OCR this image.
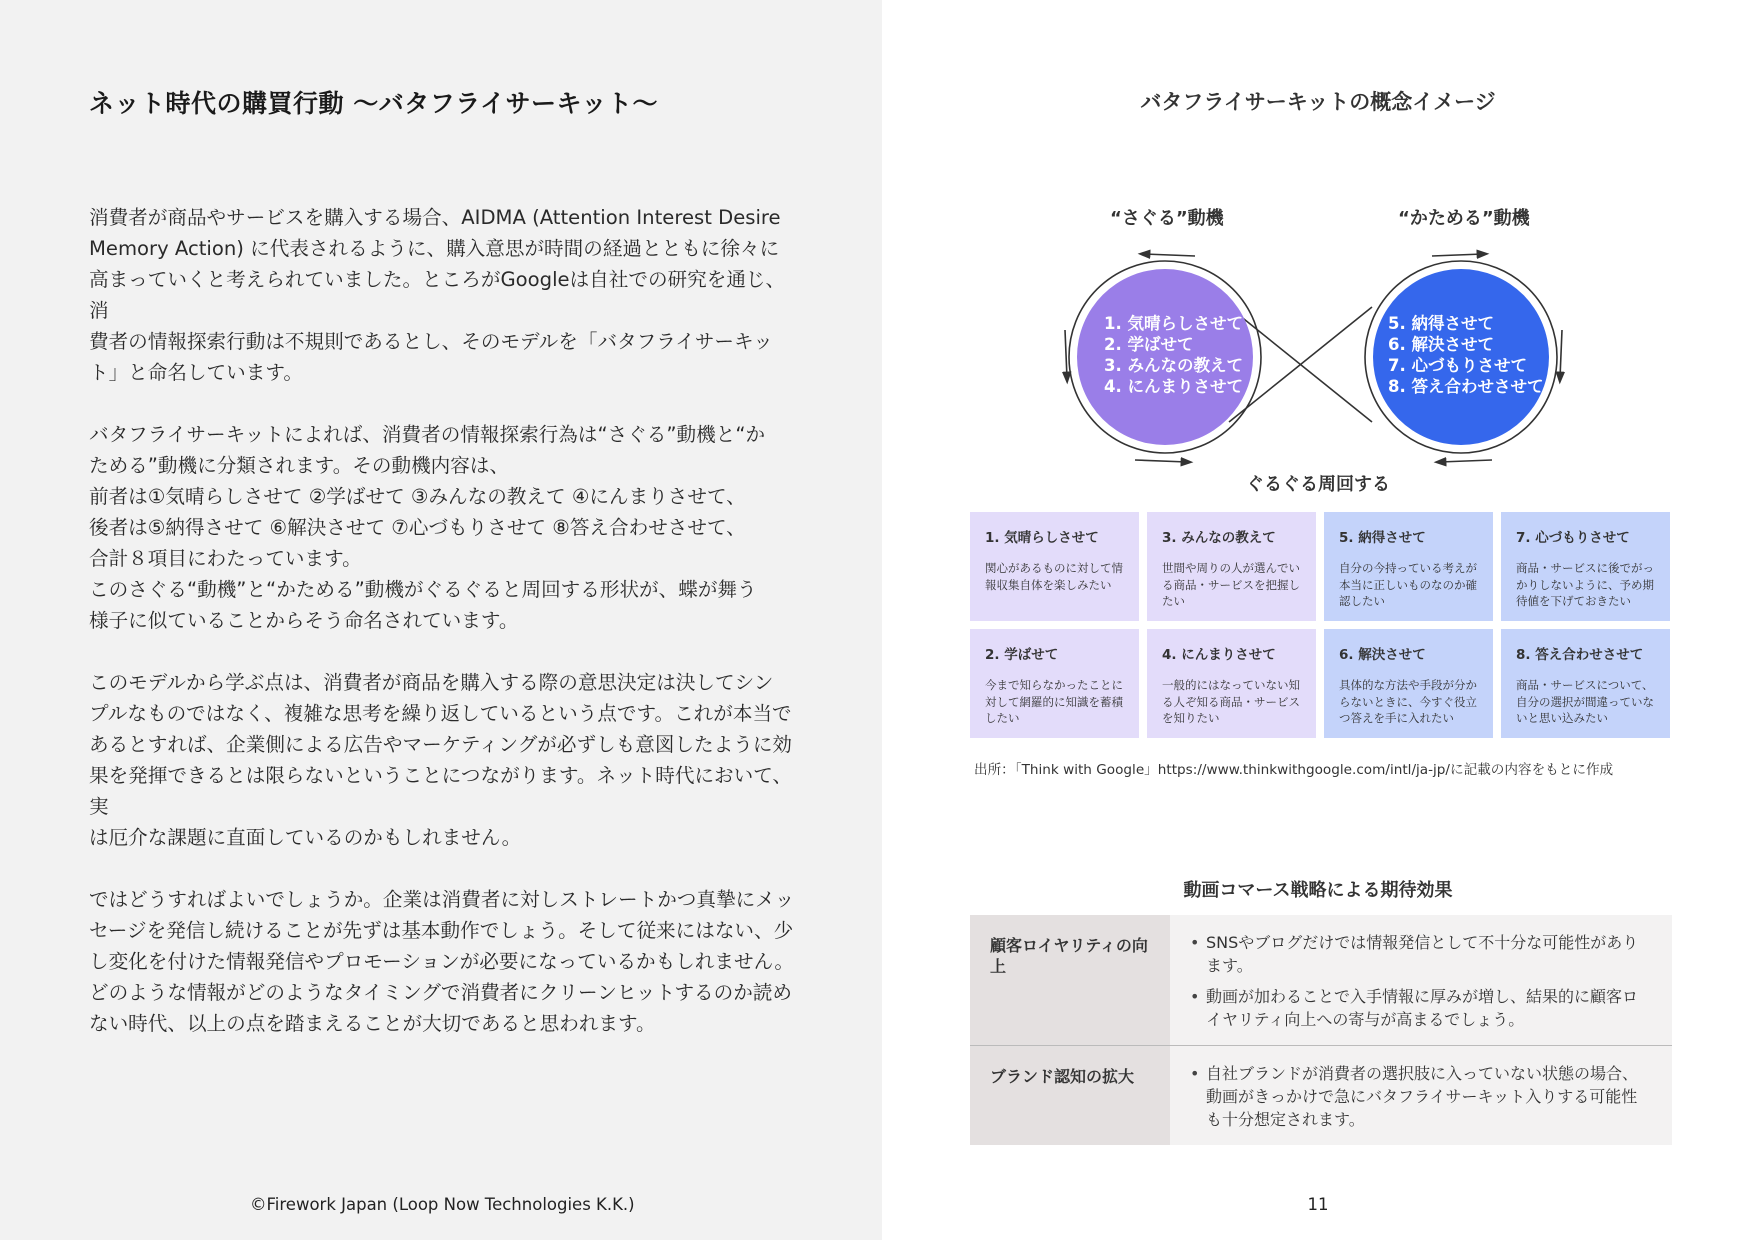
ネット時代の購買行動 〜バタフライサーキット〜

消費者が商品やサービスを購入する場合、AIDMA (Attention Interest Desire
Memory Action) に代表されるように、購入意思が時間の経過とともに徐々に
高まっていくと考えられていました。ところがGoogleは自社での研究を通じ、消
費者の情報探索行動は不規則であるとし、そのモデルを「バタフライサーキッ
ト」と命名しています。

バタフライサーキットによれば、消費者の情報探索行為は“さぐる”動機と“か
ためる”動機に分類されます。その動機内容は、
前者は①気晴らしさせて ②学ばせて ③みんなの教えて ④にんまりさせて、
後者は⑤納得させて ⑥解決させて ⑦心づもりさせて ⑧答え合わせさせて、
合計８項目にわたっています。
このさぐる“動機”と“かためる”動機がぐるぐると周回する形状が、蝶が舞う
様子に似ていることからそう命名されています。

このモデルから学ぶ点は、消費者が商品を購入する際の意思決定は決してシン
プルなものではなく、複雑な思考を繰り返しているという点です。これが本当で
あるとすれば、企業側による広告やマーケティングが必ずしも意図したように効
果を発揮できるとは限らないということにつながります。ネット時代において、実
は厄介な課題に直面しているのかもしれません。

ではどうすればよいでしょうか。企業は消費者に対しストレートかつ真摯にメッ
セージを発信し続けることが先ずは基本動作でしょう。そして従来にはない、少
し変化を付けた情報発信やプロモーションが必要になっているかもしれません。
どのような情報がどのようなタイミングで消費者にクリーンヒットするのか読め
ない時代、以上の点を踏まえることが大切であると思われます。

©Firework Japan (Loop Now Technologies K.K.)
バタフライサーキットの概念イメージ
“さぐる”動機	“かためる”動機
1. 気晴らしさせて
2. 学ばせて
3. みんなの教えて
4. にんまりさせて
5. 納得させて
6. 解決させて
7. 心づもりさせて
8. 答え合わせさせて
ぐるぐる周回する
1. 気晴らしさせて
関心があるものに対して情報収集自体を楽しみたい
3. みんなの教えて
世間や周りの人が選んでいる商品・サービスを把握したい
5. 納得させて
自分の今持っている考えが本当に正しいものなのか確認したい
7. 心づもりさせて
商品・サービスに後でがっかりしないように、予め期待値を下げておきたい
2. 学ばせて
今まで知らなかったことに対して網羅的に知識を蓄積したい
4. にんまりさせて
一般的にはなっていない知る人ぞ知る商品・サービスを知りたい
6. 解決させて
具体的な方法や手段が分からないときに、今すぐ役立つ答えを手に入れたい
8. 答え合わせさせて
商品・サービスについて、自分の選択が間違っていないと思い込みたい
出所：「Think with Google」https://www.thinkwithgoogle.com/intl/ja-jp/に記載の内容をもとに作成
動画コマース戦略による期待効果
顧客ロイヤリティの向上
• SNSやブログだけでは情報発信として不十分な可能性があります。
• 動画が加わることで入手情報に厚みが増し、結果的に顧客ロイヤリティ向上への寄与が高まるでしょう。
ブランド認知の拡大	• 自社ブランドが消費者の選択肢に入っていない状態の場合、動画がきっかけで急にバタフライサーキット入りする可能性も十分想定されます。
11
